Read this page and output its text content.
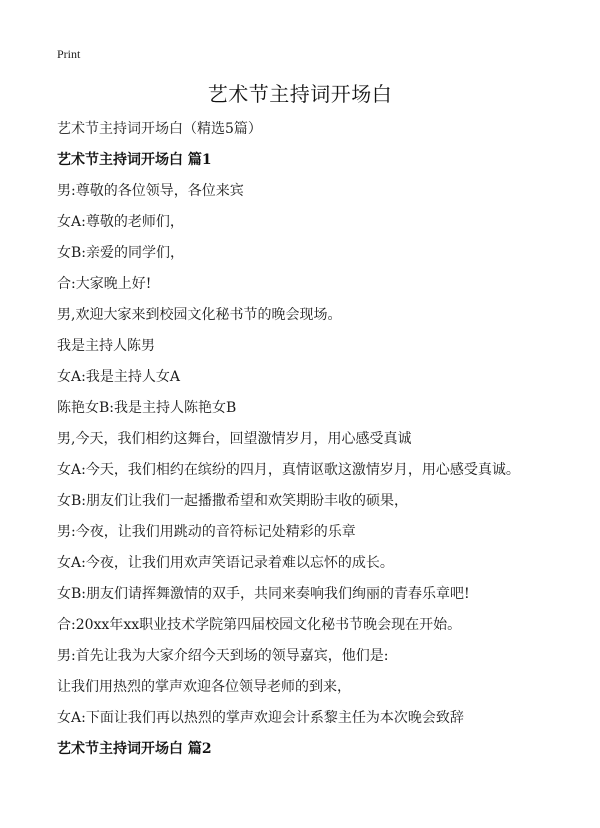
Print
艺术节主持词开场白
艺术节主持词开场白（精选5篇）
艺术节主持词开场白 篇1
男:尊敬的各位领导，各位来宾
女A:尊敬的老师们，
女B:亲爱的同学们，
合:大家晚上好!
男,欢迎大家来到校园文化秘书节的晚会现场。
我是主持人陈男
女A:我是主持人女A
陈艳女B:我是主持人陈艳女B
男,今天，我们相约这舞台，回望激情岁月，用心感受真诚
女A:今天，我们相约在缤纷的四月，真情讴歌这激情岁月，用心感受真诚。
女B:朋友们让我们一起播撒希望和欢笑期盼丰收的硕果，
男:今夜，让我们用跳动的音符标记处精彩的乐章
女A:今夜，让我们用欢声笑语记录着难以忘怀的成长。
女B:朋友们请挥舞激情的双手，共同来奏响我们绚丽的青春乐章吧!
合:20xx年xx职业技术学院第四届校园文化秘书节晚会现在开始。
男:首先让我为大家介绍今天到场的领导嘉宾，他们是:
让我们用热烈的掌声欢迎各位领导老师的到来，
女A:下面让我们再以热烈的掌声欢迎会计系黎主任为本次晚会致辞
艺术节主持词开场白 篇2
